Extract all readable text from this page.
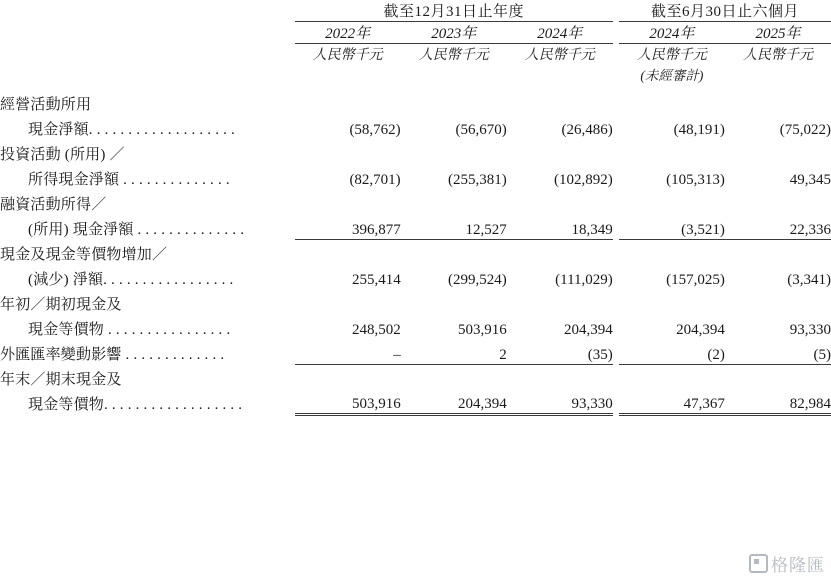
	截至12月31日止年度				截至6月30日止六個月	
	2022年	2023年	2024年		2024年	2025年
	人民幣千元	人民幣千元	人民幣千元		人民幣千元	人民幣千元
					(未經審計)	

經營活動所用						
現金淨額. . . . . . . . . . . . . . . . . . .	(58,762)	(56,670)	(26,486)		(48,191)	(75,022)
投資活動 (所用) ／						
所得現金淨額 . . . . . . . . . . . . . .	(82,701)	(255,381)	(102,892)		(105,313)	49,345
融資活動所得／						
(所用) 現金淨額 . . . . . . . . . . . . . .	396,877	12,527	18,349		(3,521)	22,336
現金及現金等價物增加／						
(減少) 淨額. . . . . . . . . . . . . . . . .	255,414	(299,524)	(111,029)		(157,025)	(3,341)
年初／期初現金及						
現金等價物 . . . . . . . . . . . . . . . .	248,502	503,916	204,394		204,394	93,330
外匯匯率變動影響 . . . . . . . . . . . . .	–	2	(35)		(2)	(5)
年末／期末現金及						
現金等價物. . . . . . . . . . . . . . . . . .	503,916	204,394	93,330		47,367	82,984
格隆匯
